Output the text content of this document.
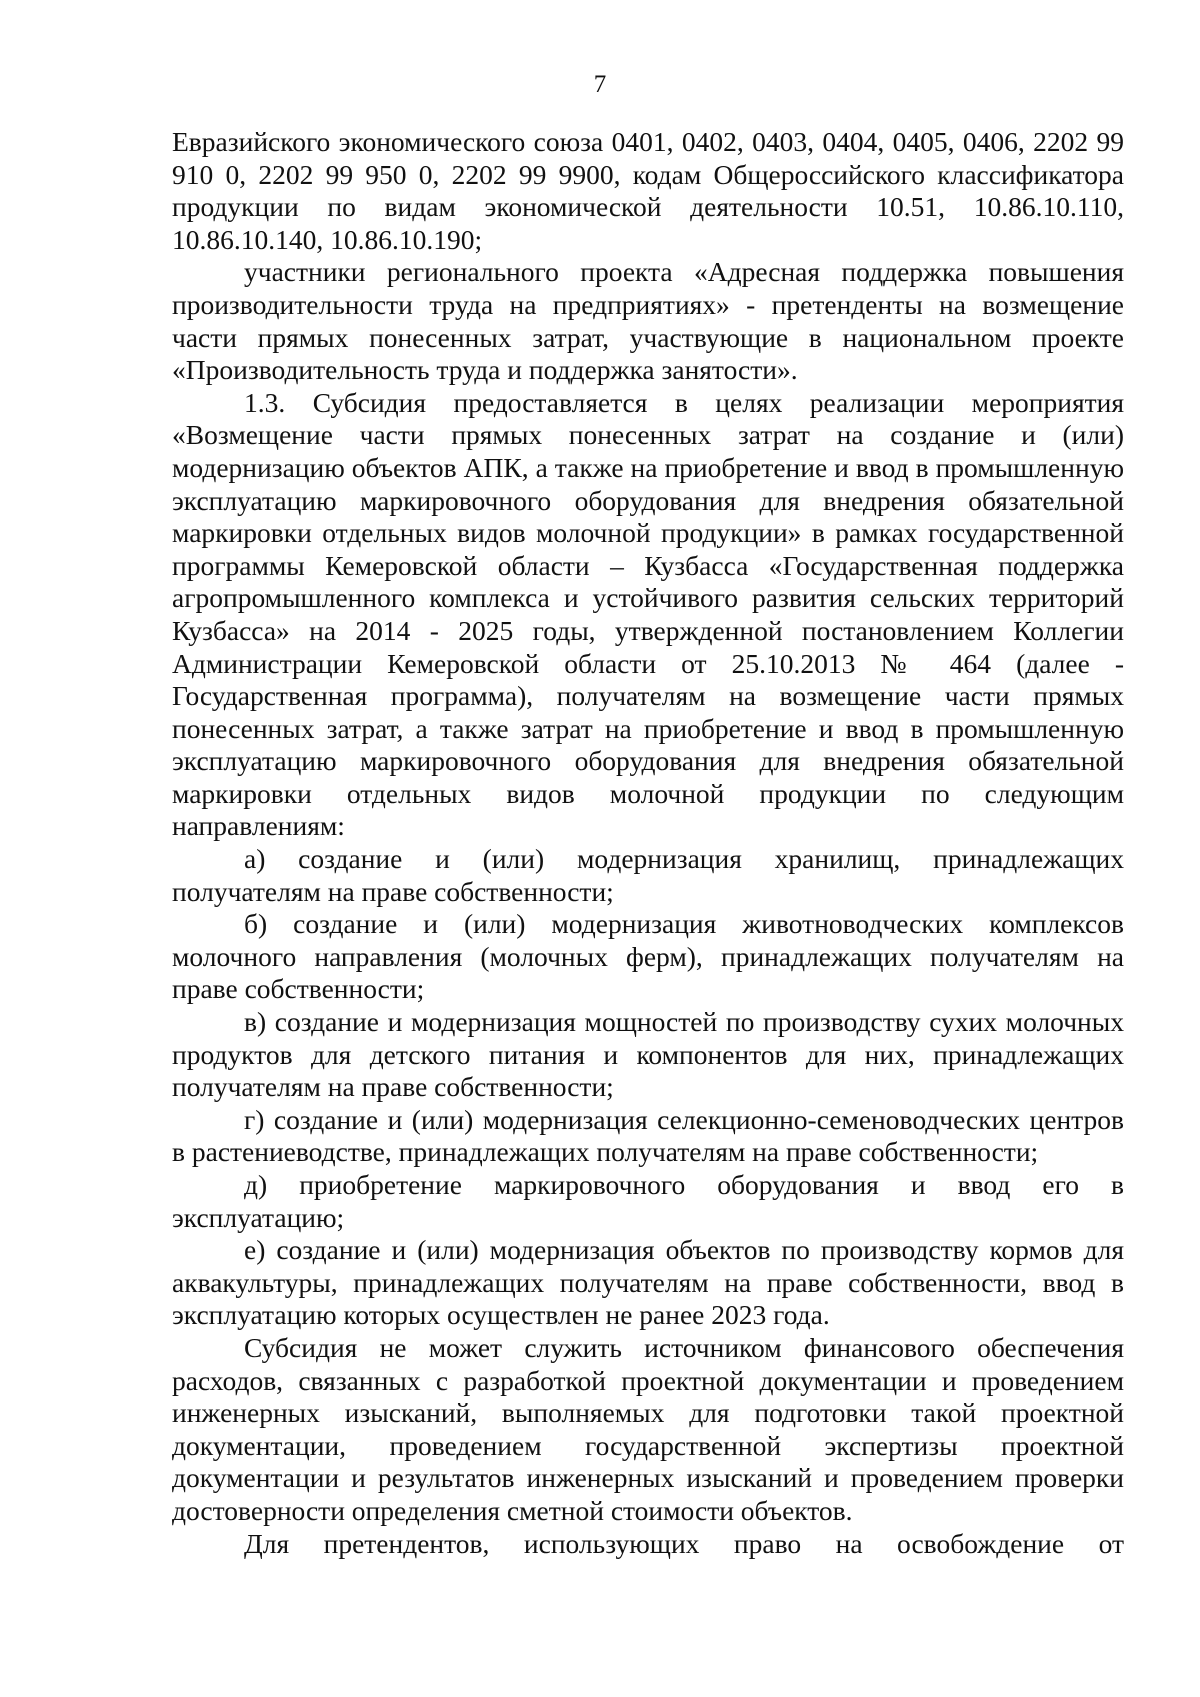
7

Евразийского экономического союза 0401, 0402, 0403, 0404, 0405, 0406, 2202 99 910 0, 2202 99 950 0, 2202 99 9900, кодам Общероссийского классификатора продукции по видам экономической деятельности 10.51, 10.86.10.110, 10.86.10.140, 10.86.10.190;

участники регионального проекта «Адресная поддержка повышения производительности труда на предприятиях» - претенденты на возмещение части прямых понесенных затрат, участвующие в национальном проекте «Производительность труда и поддержка занятости».

1.3. Субсидия предоставляется в целях реализации мероприятия «Возмещение части прямых понесенных затрат на создание и (или) модернизацию объектов АПК, а также на приобретение и ввод в промышленную эксплуатацию маркировочного оборудования для внедрения обязательной маркировки отдельных видов молочной продукции» в рамках государственной программы Кемеровской области – Кузбасса «Государственная поддержка агропромышленного комплекса и устойчивого развития сельских территорий Кузбасса» на 2014 - 2025 годы, утвержденной постановлением Коллегии Администрации Кемеровской области от 25.10.2013 № 464 (далее - Государственная программа), получателям на возмещение части прямых понесенных затрат, а также затрат на приобретение и ввод в промышленную эксплуатацию маркировочного оборудования для внедрения обязательной маркировки отдельных видов молочной продукции по следующим направлениям:

а) создание и (или) модернизация хранилищ, принадлежащих получателям на праве собственности;

б) создание и (или) модернизация животноводческих комплексов молочного направления (молочных ферм), принадлежащих получателям на праве собственности;

в) создание и модернизация мощностей по производству сухих молочных продуктов для детского питания и компонентов для них, принадлежащих получателям на праве собственности;

г) создание и (или) модернизация селекционно-семеноводческих центров в растениеводстве, принадлежащих получателям на праве собственности;

д) приобретение маркировочного оборудования и ввод его в эксплуатацию;

е) создание и (или) модернизация объектов по производству кормов для аквакультуры, принадлежащих получателям на праве собственности, ввод в эксплуатацию которых осуществлен не ранее 2023 года.

Субсидия не может служить источником финансового обеспечения расходов, связанных с разработкой проектной документации и проведением инженерных изысканий, выполняемых для подготовки такой проектной документации, проведением государственной экспертизы проектной документации и результатов инженерных изысканий и проведением проверки достоверности определения сметной стоимости объектов.

Для претендентов, использующих право на освобождение от
